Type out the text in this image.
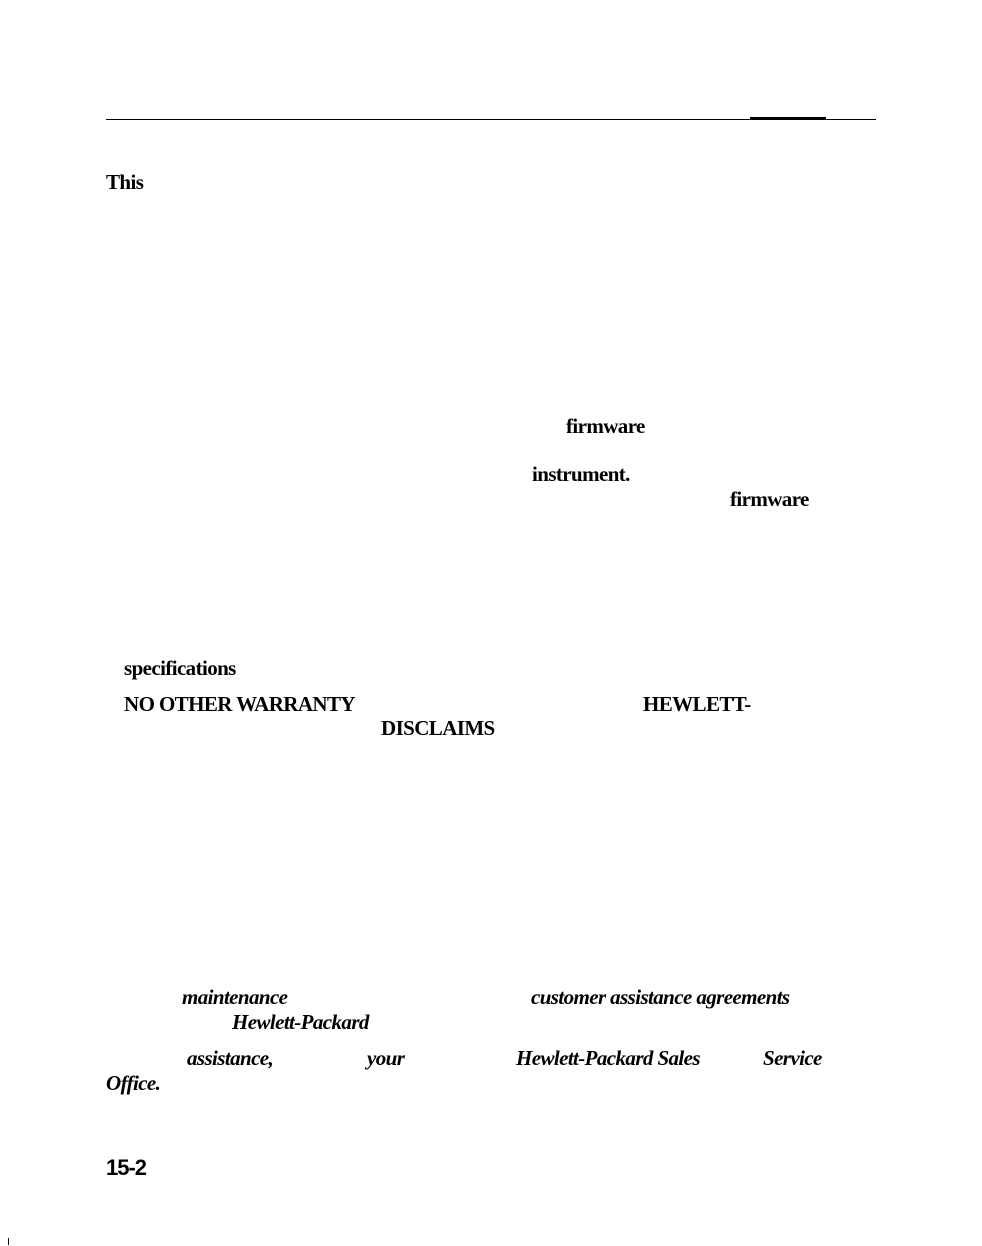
This
firmware
instrument.
firmware
specifications
NO OTHER WARRANTY	HEWLETT-
DISCLAIMS
maintenance	customer assistance agreements
Hewlett-Packard
assistance,	your	Hewlett-Packard Sales	Service
Office.
15-2
